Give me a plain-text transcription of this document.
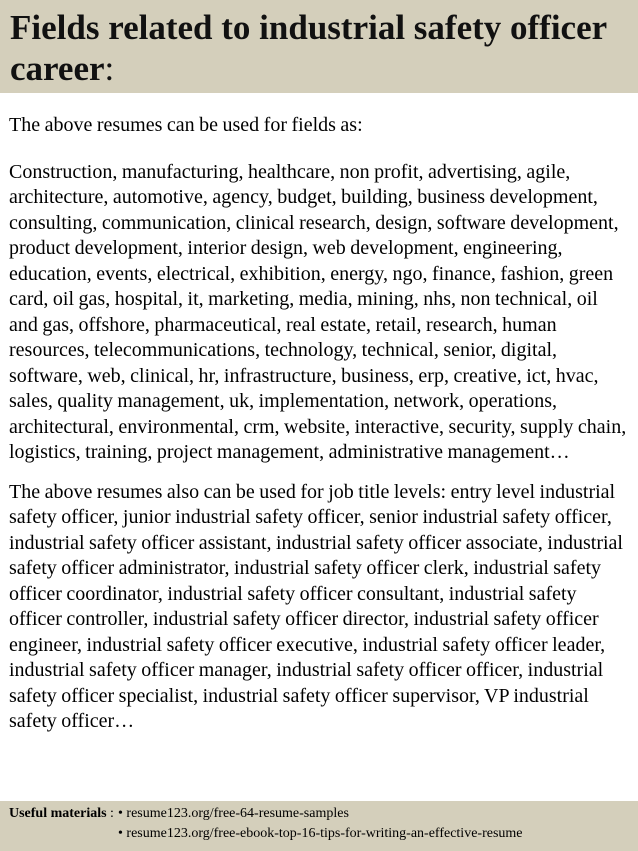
Fields related to industrial safety officer career:

The above resumes can be used for fields as:

Construction, manufacturing, healthcare, non profit, advertising, agile, architecture, automotive, agency, budget, building, business development, consulting, communication, clinical research, design, software development, product development, interior design, web development, engineering, education, events, electrical, exhibition, energy, ngo, finance, fashion, green card, oil gas, hospital, it, marketing, media, mining, nhs, non technical, oil and gas, offshore, pharmaceutical, real estate, retail, research, human resources, telecommunications, technology, technical, senior, digital, software, web, clinical, hr, infrastructure, business, erp, creative, ict, hvac, sales, quality management, uk, implementation, network, operations, architectural, environmental, crm, website, interactive, security, supply chain, logistics, training, project management, administrative management…

The above resumes also can be used for job title levels: entry level industrial safety officer, junior industrial safety officer, senior industrial safety officer, industrial safety officer assistant, industrial safety officer associate, industrial safety officer administrator, industrial safety officer clerk, industrial safety officer coordinator, industrial safety officer consultant, industrial safety officer controller, industrial safety officer director, industrial safety officer engineer, industrial safety officer executive, industrial safety officer leader, industrial safety officer manager, industrial safety officer officer, industrial safety officer specialist, industrial safety officer supervisor, VP industrial safety officer…

Useful materials : • resume123.org/free-64-resume-samples
• resume123.org/free-ebook-top-16-tips-for-writing-an-effective-resume
